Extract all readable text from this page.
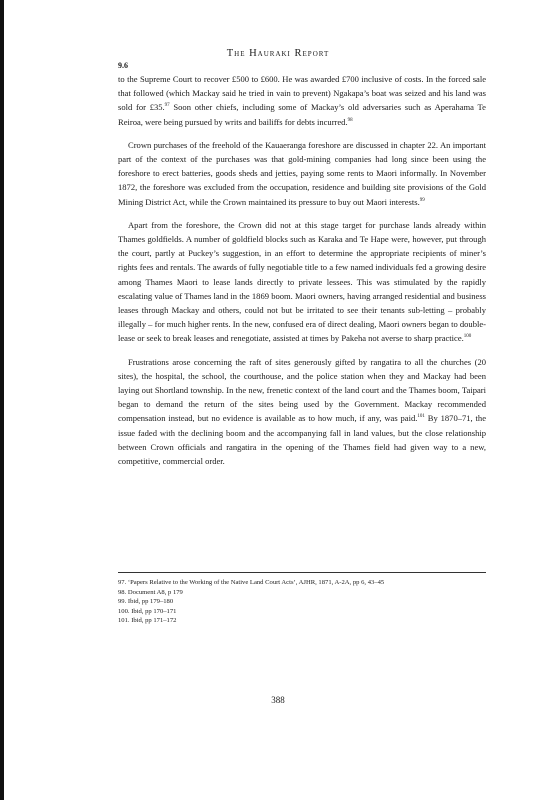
The Hauraki Report
9.6

to the Supreme Court to recover £500 to £600. He was awarded £700 inclusive of costs. In the forced sale that followed (which Mackay said he tried in vain to prevent) Ngakapa’s boat was seized and his land was sold for £35.97 Soon other chiefs, including some of Mackay’s old adversaries such as Aperahama Te Reiroa, were being pursued by writs and bailiffs for debts incurred.$^{98}$

Crown purchases of the freehold of the Kauaeranga foreshore are discussed in chapter 22. An important part of the context of the purchases was that gold-mining companies had long since been using the foreshore to erect batteries, goods sheds and jetties, paying some rents to Maori informally. In November 1872, the foreshore was excluded from the occupation, residence and building site provisions of the Gold Mining District Act, while the Crown maintained its pressure to buy out Maori interests.$^{99}$

Apart from the foreshore, the Crown did not at this stage target for purchase lands already within Thames goldfields. A number of goldfield blocks such as Karaka and Te Hape were, however, put through the court, partly at Puckey’s suggestion, in an effort to determine the appropriate recipients of miner’s rights fees and rentals. The awards of fully negotiable title to a few named individuals fed a growing desire among Thames Maori to lease lands directly to private lessees. This was stimulated by the rapidly escalating value of Thames land in the 1869 boom. Maori owners, having arranged residential and business leases through Mackay and others, could not but be irritated to see their tenants sub-letting – probably illegally – for much higher rents. In the new, confused era of direct dealing, Maori owners began to double-lease or seek to break leases and renegotiate, assisted at times by Pakeha not averse to sharp practice.$^{100}$

Frustrations arose concerning the raft of sites generously gifted by rangatira to all the churches (20 sites), the hospital, the school, the courthouse, and the police station when they and Mackay had been laying out Shortland township. In the new, frenetic context of the land court and the Thames boom, Taipari began to demand the return of the sites being used by the Government. Mackay recommended compensation instead, but no evidence is available as to how much, if any, was paid.$^{101}$ By 1870–71, the issue faded with the declining boom and the accompanying fall in land values, but the close relationship between Crown officials and rangatira in the opening of the Thames field had given way to a new, competitive, commercial order.

97. ‘Papers Relative to the Working of the Native Land Court Acts’, AJHR, 1871, A-2A, pp 6, 43–45
98. Document A8, p 179
99. Ibid, pp 179–180
100. Ibid, pp 170–171
101. Ibid, pp 171–172
388
